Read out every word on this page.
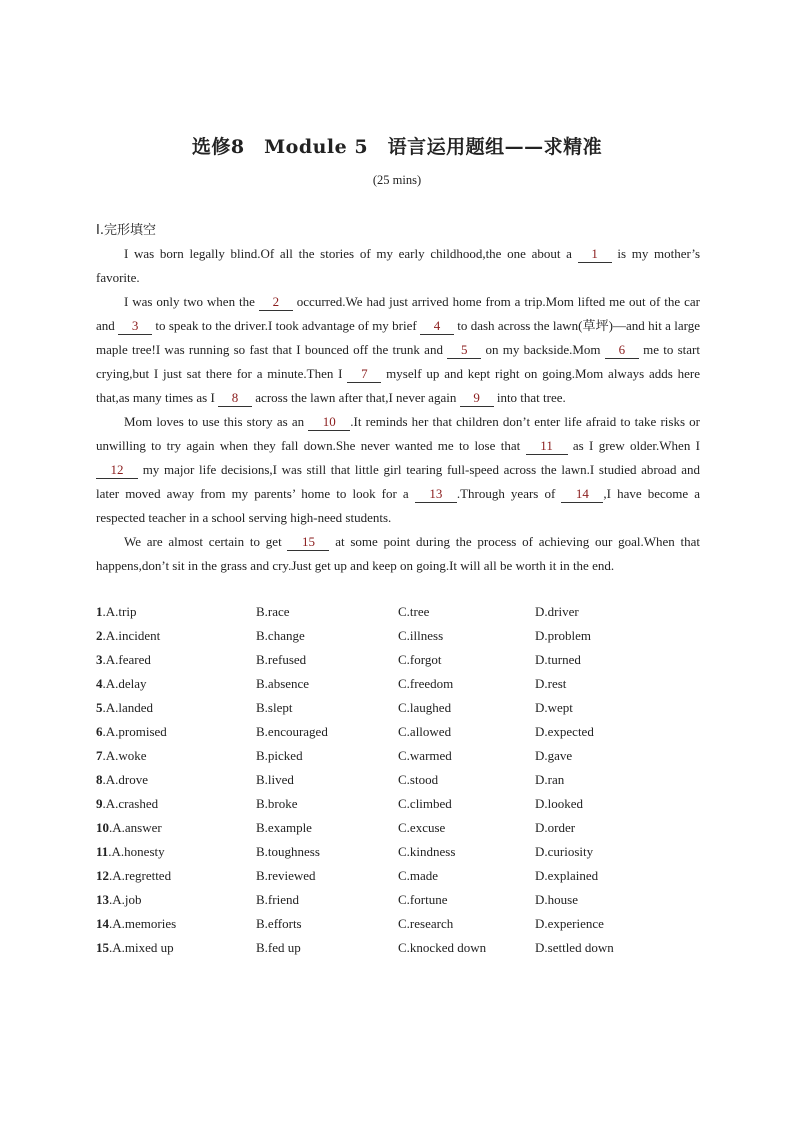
选修8　Module 5　语言运用题组——求精准
(25 mins)
Ⅰ.完形填空

I was born legally blind.Of all the stories of my early childhood,the one about a 1 is my mother’s favorite.

I was only two when the 2 occurred.We had just arrived home from a trip.Mom lifted me out of the car and 3 to speak to the driver.I took advantage of my brief 4 to dash across the lawn(草坪)—and hit a large maple tree!I was running so fast that I bounced off the trunk and 5 on my backside.Mom 6 me to start crying,but I just sat there for a minute.Then I 7 myself up and kept right on going.Mom always adds here that,as many times as I 8 across the lawn after that,I never again 9 into that tree.

Mom loves to use this story as an 10 .It reminds her that children don’t enter life afraid to take risks or unwilling to try again when they fall down.She never wanted me to lose that 11 as I grew older.When I 12 my major life decisions,I was still that little girl tearing full-speed across the lawn.I studied abroad and later moved away from my parents’ home to look for a 13 .Through years of 14 ,I have become a respected teacher in a school serving high-need students.

We are almost certain to get 15 at some point during the process of achieving our goal.When that happens,don’t sit in the grass and cry.Just get up and keep on going.It will all be worth it in the end.

1.A.trip	B.race	C.tree	D.driver
2.A.incident	B.change	C.illness	D.problem
3.A.feared	B.refused	C.forgot	D.turned
4.A.delay	B.absence	C.freedom	D.rest
5.A.landed	B.slept	C.laughed	D.wept
6.A.promised	B.encouraged	C.allowed	D.expected
7.A.woke	B.picked	C.warmed	D.gave
8.A.drove	B.lived	C.stood	D.ran
9.A.crashed	B.broke	C.climbed	D.looked
10.A.answer	B.example	C.excuse	D.order
11.A.honesty	B.toughness	C.kindness	D.curiosity
12.A.regretted	B.reviewed	C.made	D.explained
13.A.job	B.friend	C.fortune	D.house
14.A.memories	B.efforts	C.research	D.experience
15.A.mixed up	B.fed up	C.knocked down	D.settled down
